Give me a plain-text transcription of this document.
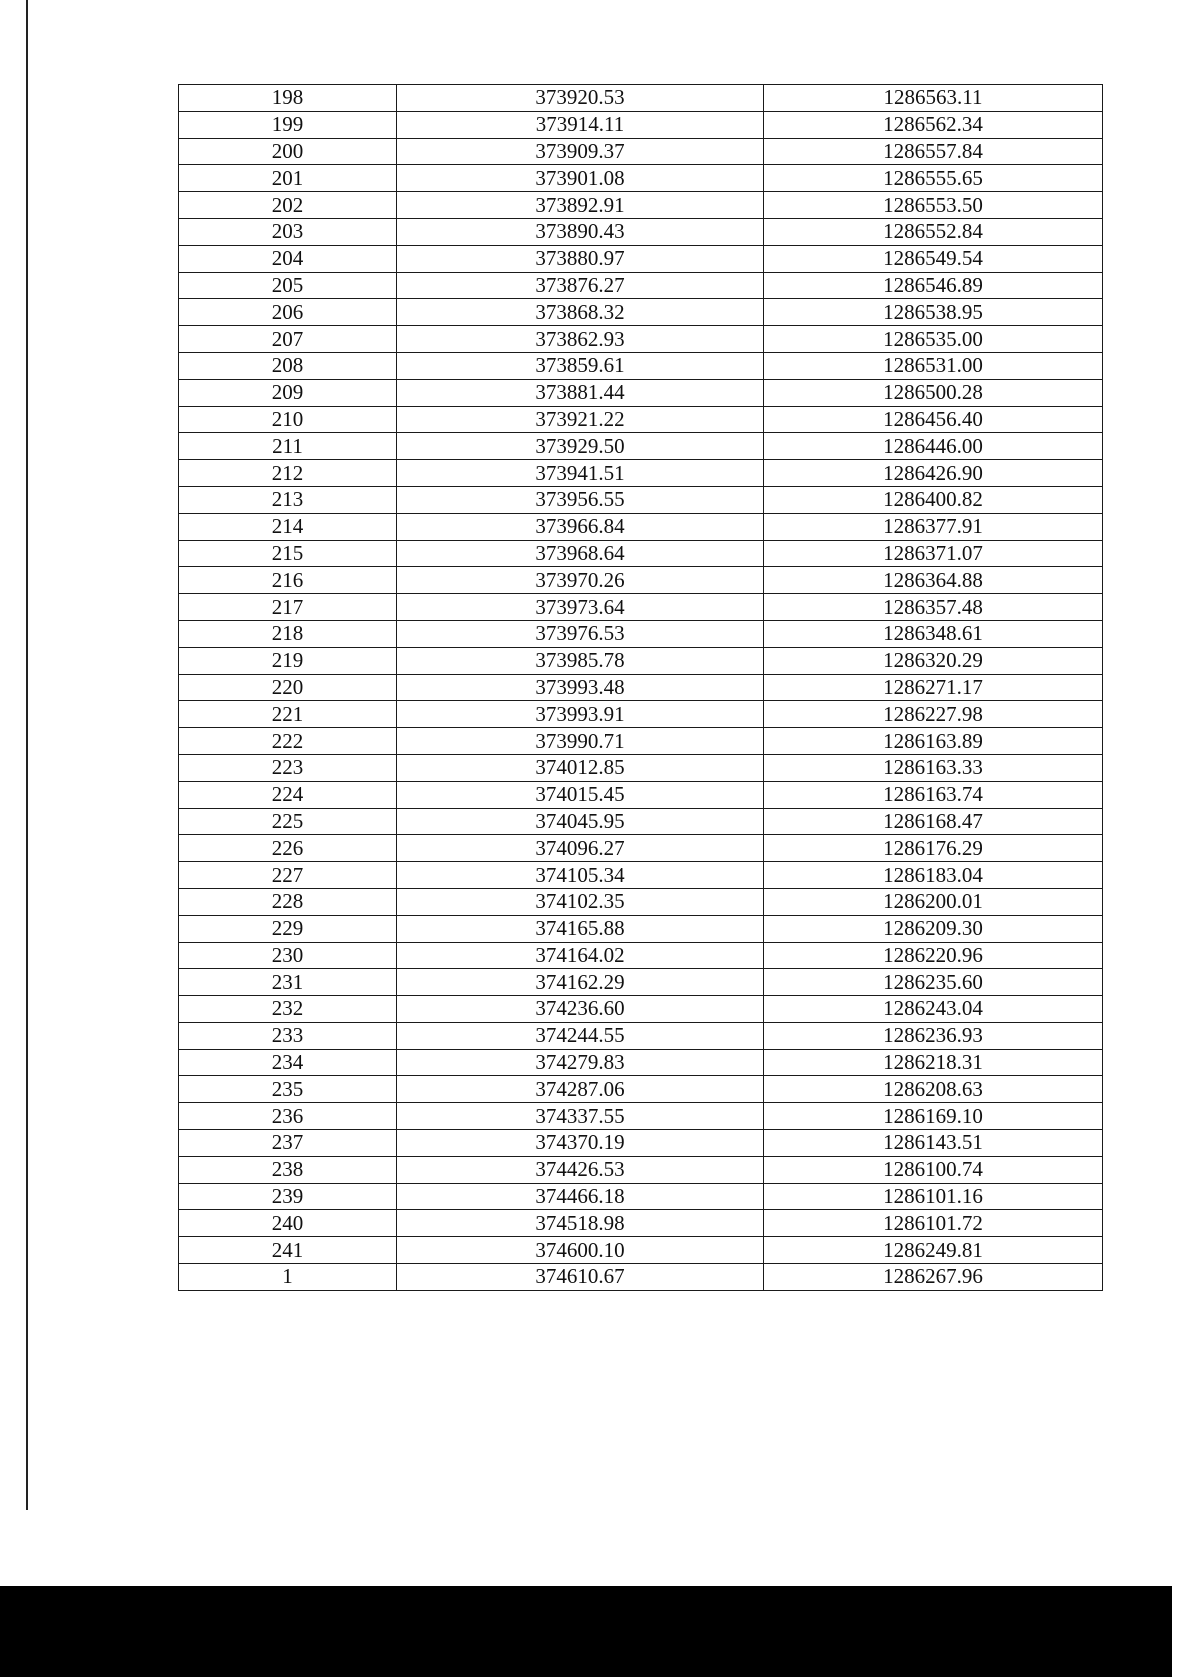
198	373920.53	1286563.11
199	373914.11	1286562.34
200	373909.37	1286557.84
201	373901.08	1286555.65
202	373892.91	1286553.50
203	373890.43	1286552.84
204	373880.97	1286549.54
205	373876.27	1286546.89
206	373868.32	1286538.95
207	373862.93	1286535.00
208	373859.61	1286531.00
209	373881.44	1286500.28
210	373921.22	1286456.40
211	373929.50	1286446.00
212	373941.51	1286426.90
213	373956.55	1286400.82
214	373966.84	1286377.91
215	373968.64	1286371.07
216	373970.26	1286364.88
217	373973.64	1286357.48
218	373976.53	1286348.61
219	373985.78	1286320.29
220	373993.48	1286271.17
221	373993.91	1286227.98
222	373990.71	1286163.89
223	374012.85	1286163.33
224	374015.45	1286163.74
225	374045.95	1286168.47
226	374096.27	1286176.29
227	374105.34	1286183.04
228	374102.35	1286200.01
229	374165.88	1286209.30
230	374164.02	1286220.96
231	374162.29	1286235.60
232	374236.60	1286243.04
233	374244.55	1286236.93
234	374279.83	1286218.31
235	374287.06	1286208.63
236	374337.55	1286169.10
237	374370.19	1286143.51
238	374426.53	1286100.74
239	374466.18	1286101.16
240	374518.98	1286101.72
241	374600.10	1286249.81
1	374610.67	1286267.96
